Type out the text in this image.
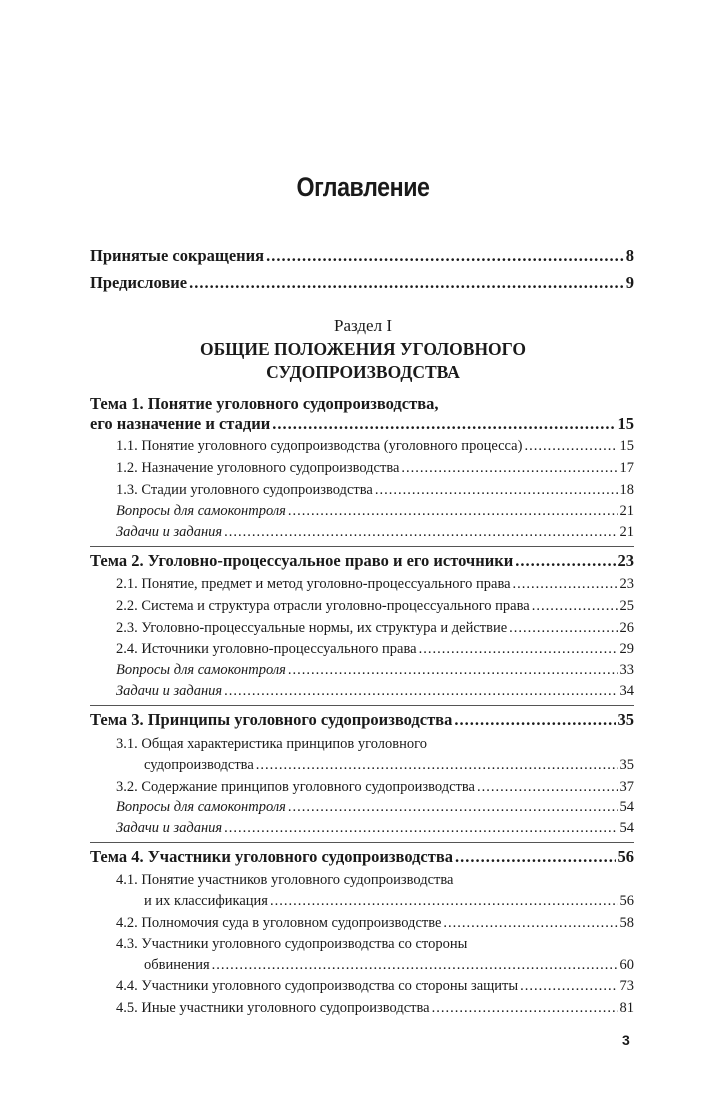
Оглавление
Принятые сокращения .....	8
Предисловие .....	9
Тема 1. Понятие уголовного судопроизводства,
его назначение и стадии .....	15
1.1. Понятие уголовного судопроизводства (уголовного процесса) .....	15
1.2. Назначение уголовного судопроизводства .....	17
1.3. Стадии уголовного судопроизводства .....	18
Вопросы для самоконтроля .....	21
Задачи и задания .....	21
Тема 2. Уголовно-процессуальное право и его источники .....	23
2.1. Понятие, предмет и метод уголовно-процессуального права .....	23
2.2. Система и структура отрасли уголовно-процессуального права .....	25
2.3. Уголовно-процессуальные нормы, их структура и действие .....	26
2.4. Источники уголовно-процессуального права .....	29
Вопросы для самоконтроля .....	33
Задачи и задания .....	34
Тема 3. Принципы уголовного судопроизводства .....	35
3.1. Общая характеристика принципов уголовного
судопроизводства .....	35
3.2. Содержание принципов уголовного судопроизводства .....	37
Вопросы для самоконтроля .....	54
Задачи и задания .....	54
Тема 4. Участники уголовного судопроизводства .....	56
4.1. Понятие участников уголовного судопроизводства
и их классификация .....	56
4.2. Полномочия суда в уголовном судопроизводстве .....	58
4.3. Участники уголовного судопроизводства со стороны
обвинения .....	60
4.4. Участники уголовного судопроизводства со стороны защиты .....	73
4.5. Иные участники уголовного судопроизводства .....	81
Раздел I
ОБЩИЕ ПОЛОЖЕНИЯ УГОЛОВНОГО
СУДОПРОИЗВОДСТВА
3
